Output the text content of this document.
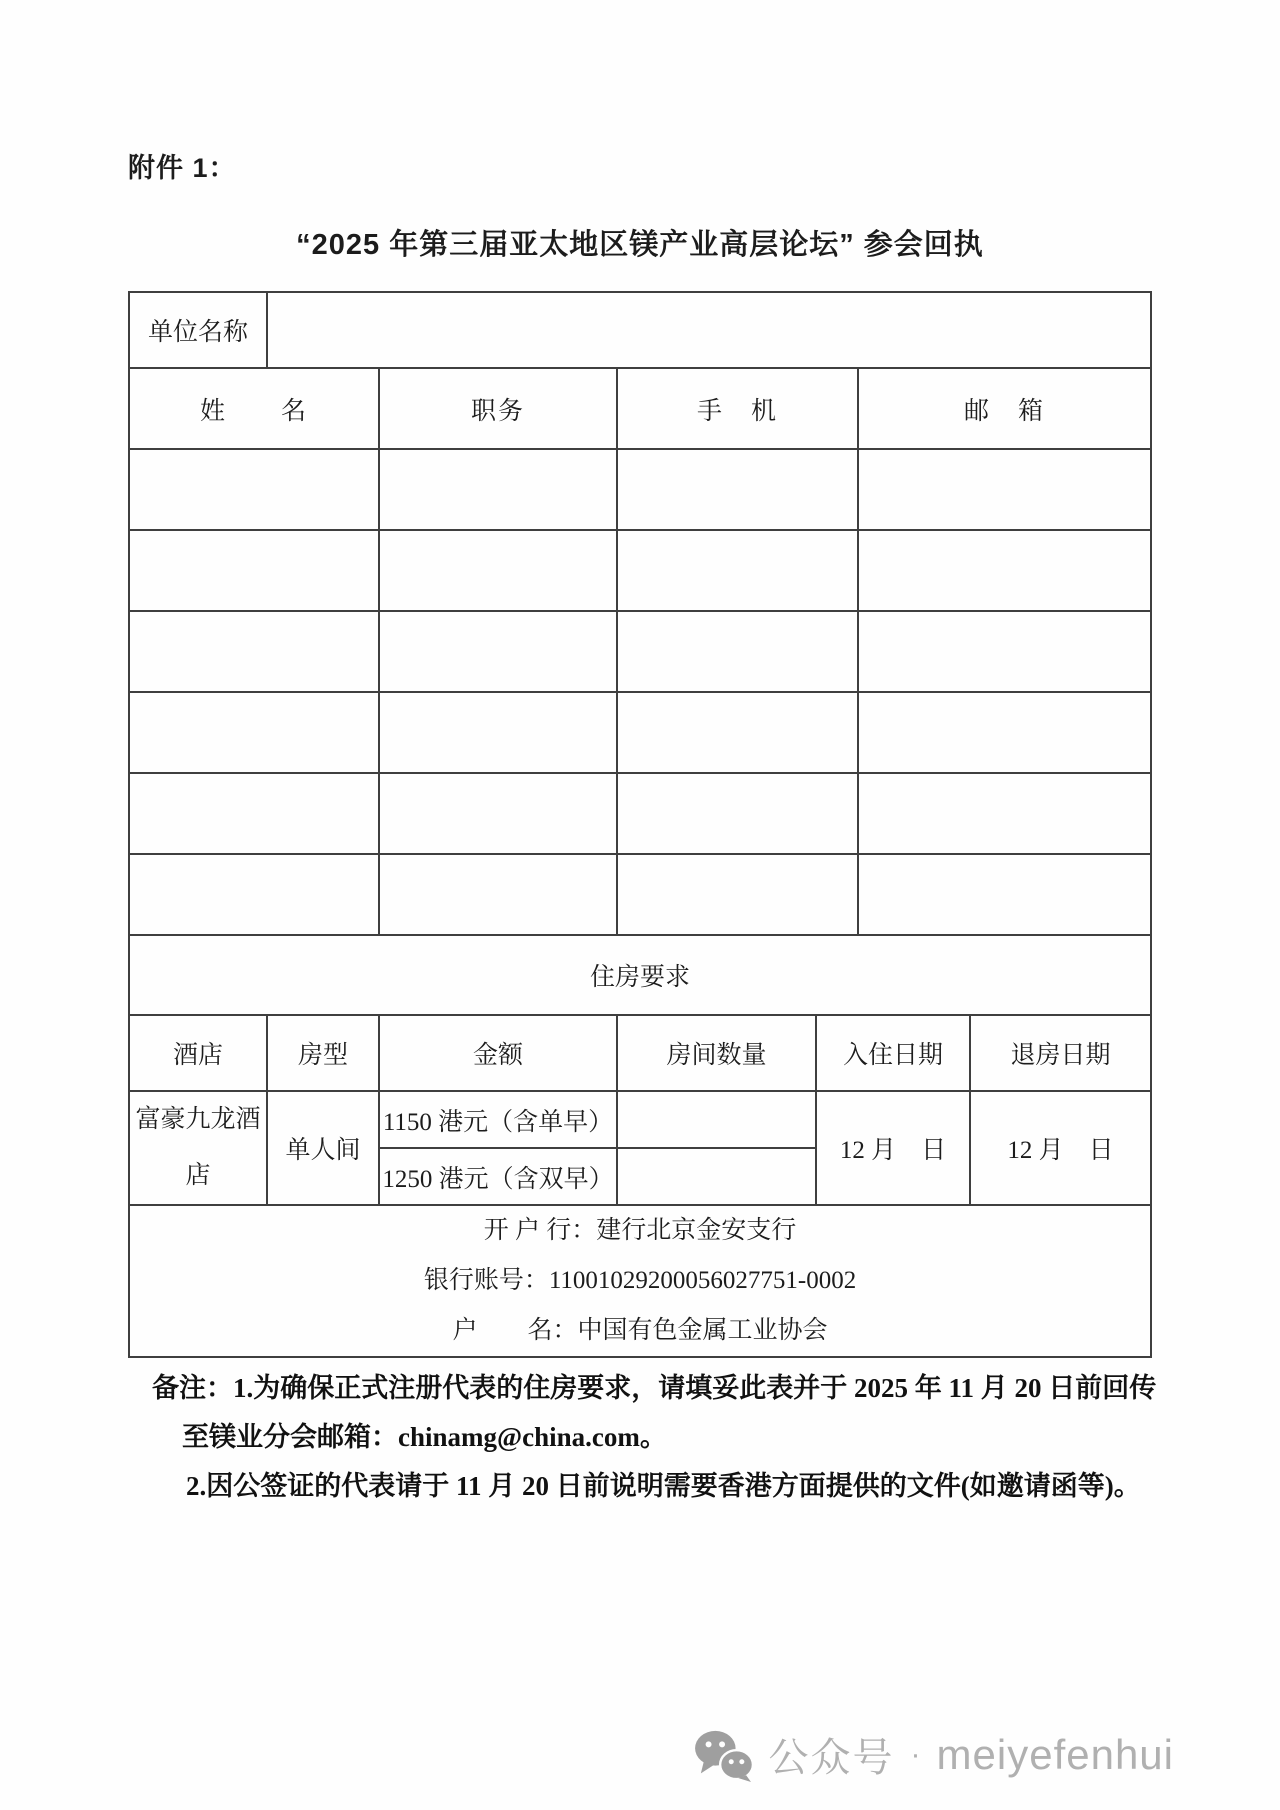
附件 1：
“2025 年第三届亚太地区镁产业高层论坛” 参会回执
单位名称						
姓　　名		职务	手　机		邮　箱	

住房要求						
酒店	房型	金额	房间数量	入住日期		退房日期
富豪九龙酒店	单人间	1150 港元（含单早）		12 月　日		12 月　日
		1250 港元（含双早）				

开 户 行：建行北京金安支行
银行账号：11001029200056027751-0002
户　　名：中国有色金属工业协会						
备注：1.为确保正式注册代表的住房要求，请填妥此表并于 2025 年 11 月 20 日前回传
至镁业分会邮箱：chinamg@china.com。
2.因公签证的代表请于 11 月 20 日前说明需要香港方面提供的文件(如邀请函等)。
公众号 · meiyefenhui
